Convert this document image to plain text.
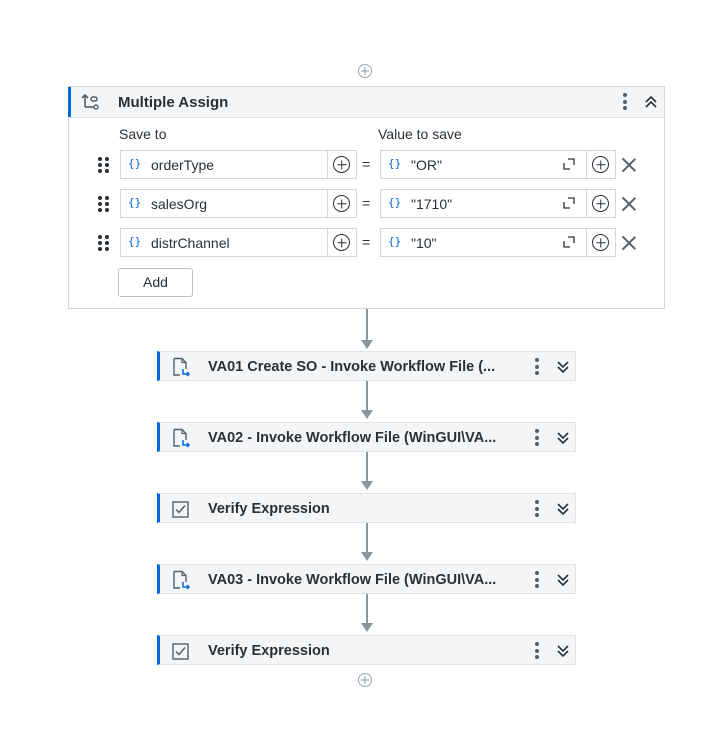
Multiple Assign
Save to	Value to save
{} orderType	= {} "OR"
{} salesOrg	= {} "1710"
{} distrChannel	= {} "10"
Add
VA01 Create SO - Invoke Workflow File (...
VA02 - Invoke Workflow File (WinGUI\VA...
Verify Expression
VA03 - Invoke Workflow File (WinGUI\VA...
Verify Expression
